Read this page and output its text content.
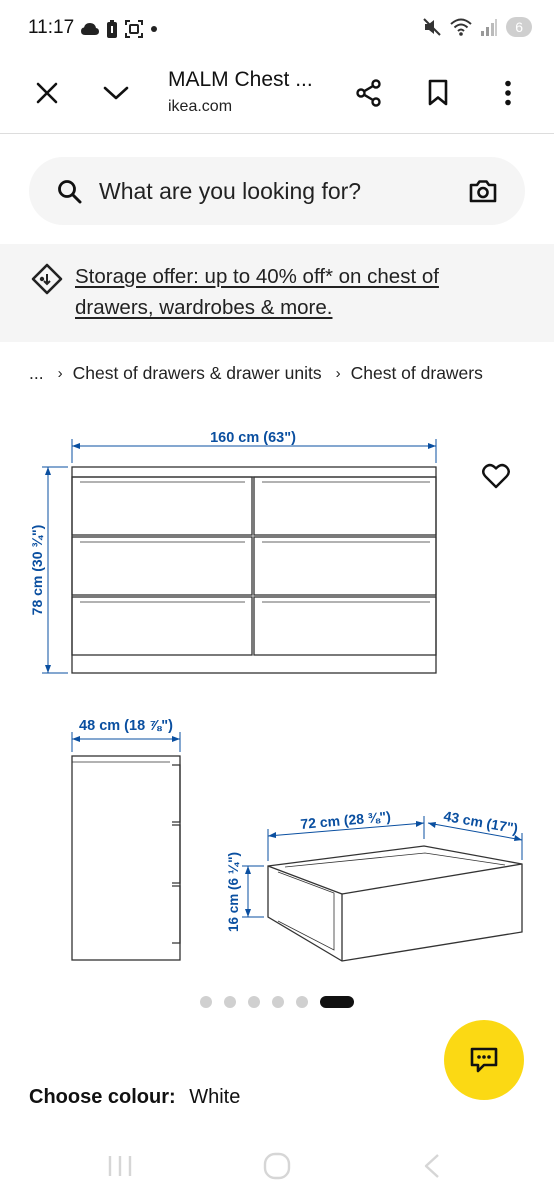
11:17	6
MALM Chest ...
ikea.com
What are you looking for?
Storage offer: up to 40% off* on chest of drawers, wardrobes & more.
... › Chest of drawers & drawer units › Chest of drawers
160 cm (63")
78 cm (30 ¾")
48 cm (18 ⅞")
72 cm (28 ⅜")	43 cm (17")
16 cm (6 ¼")
Choose colour: White
